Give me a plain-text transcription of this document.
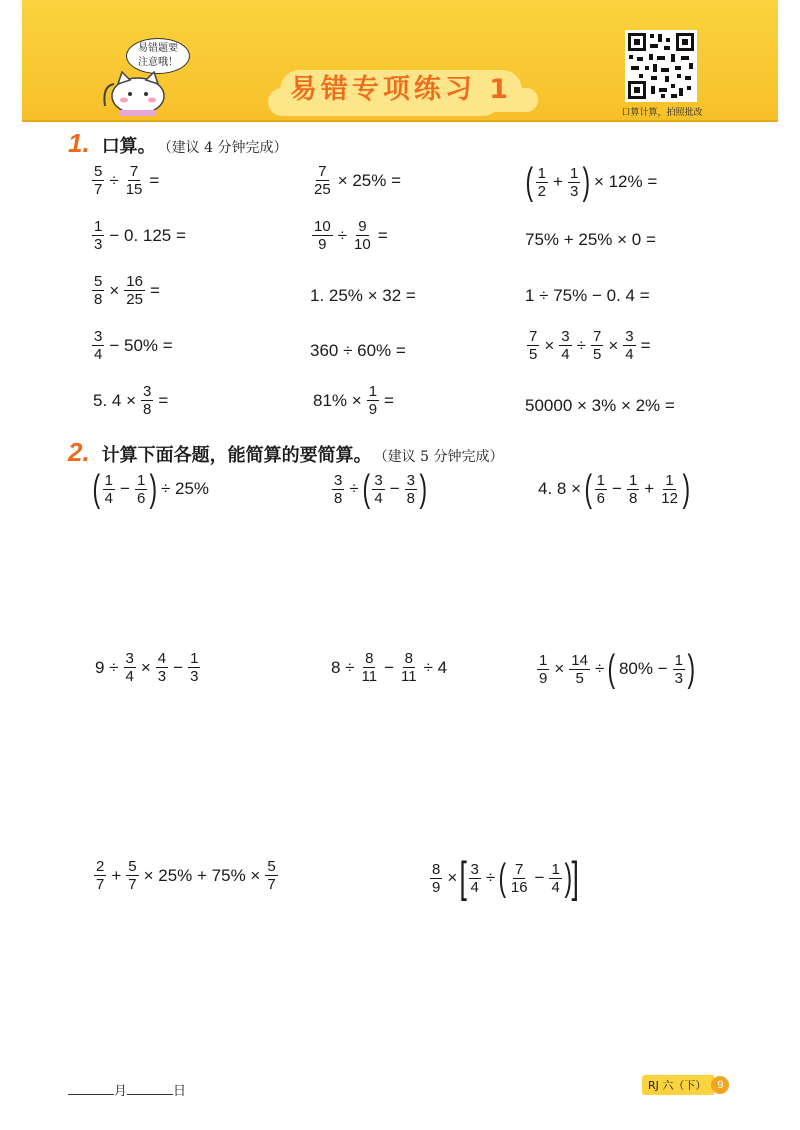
易错专项练习 1
易错题要
注意哦！
口算计算，拍照批改
1. 口算。 （建议 4 分钟完成）
$\frac{5}{7} \div \frac{7}{15}$ =	$\frac{7}{25} \times 25\%$ =	( $\frac{1}{2} + \frac{1}{3}$ ) × 12% =
$\frac{1}{3} - 0$. 125 =	$\frac{10}{9} \div \frac{9}{10}$ =	75% + 25% × 0 =
$\frac{5}{8} \times \frac{16}{25}$ =	1. 25% × 32 =	1 ÷ 75% − 0. 4 =
$\frac{3}{4} - 50\%$ =	360 ÷ 60% =	$\frac{7}{5} \times \frac{3}{4} \div \frac{7}{5} \times \frac{3}{4}$ =
5. $4 \times \frac{3}{8}$ =	$81\% \times \frac{1}{9}$ =	50000 × 3% × 2% =
2. 计算下面各题，能简算的要简算。 （建议 5 分钟完成）
( $\frac{1}{4} - \frac{1}{6}$ ) ÷ 25%	$\frac{3}{8}$ ÷ ( $\frac{3}{4} - \frac{3}{8}$ )	4. 8 × ( $\frac{1}{6} - \frac{1}{8} + \frac{1}{12}$ )
$9 \div \frac{3}{4} \times \frac{4}{3} - \frac{1}{3}$	$8 \div \frac{8}{11} - \frac{8}{11} \div 4$	$\frac{1}{9} \times \frac{14}{5}$ ÷ ( $80\% - \frac{1}{3}$ )
$\frac{2}{7} + \frac{5}{7} \times 25\% + 75\% \times \frac{5}{7}$	$\frac{8}{9}$ × [ $\frac{3}{4}$ ÷ ( $\frac{7}{16} - \frac{1}{4}$ ) ]
月	日	RJ 六（下） 9
